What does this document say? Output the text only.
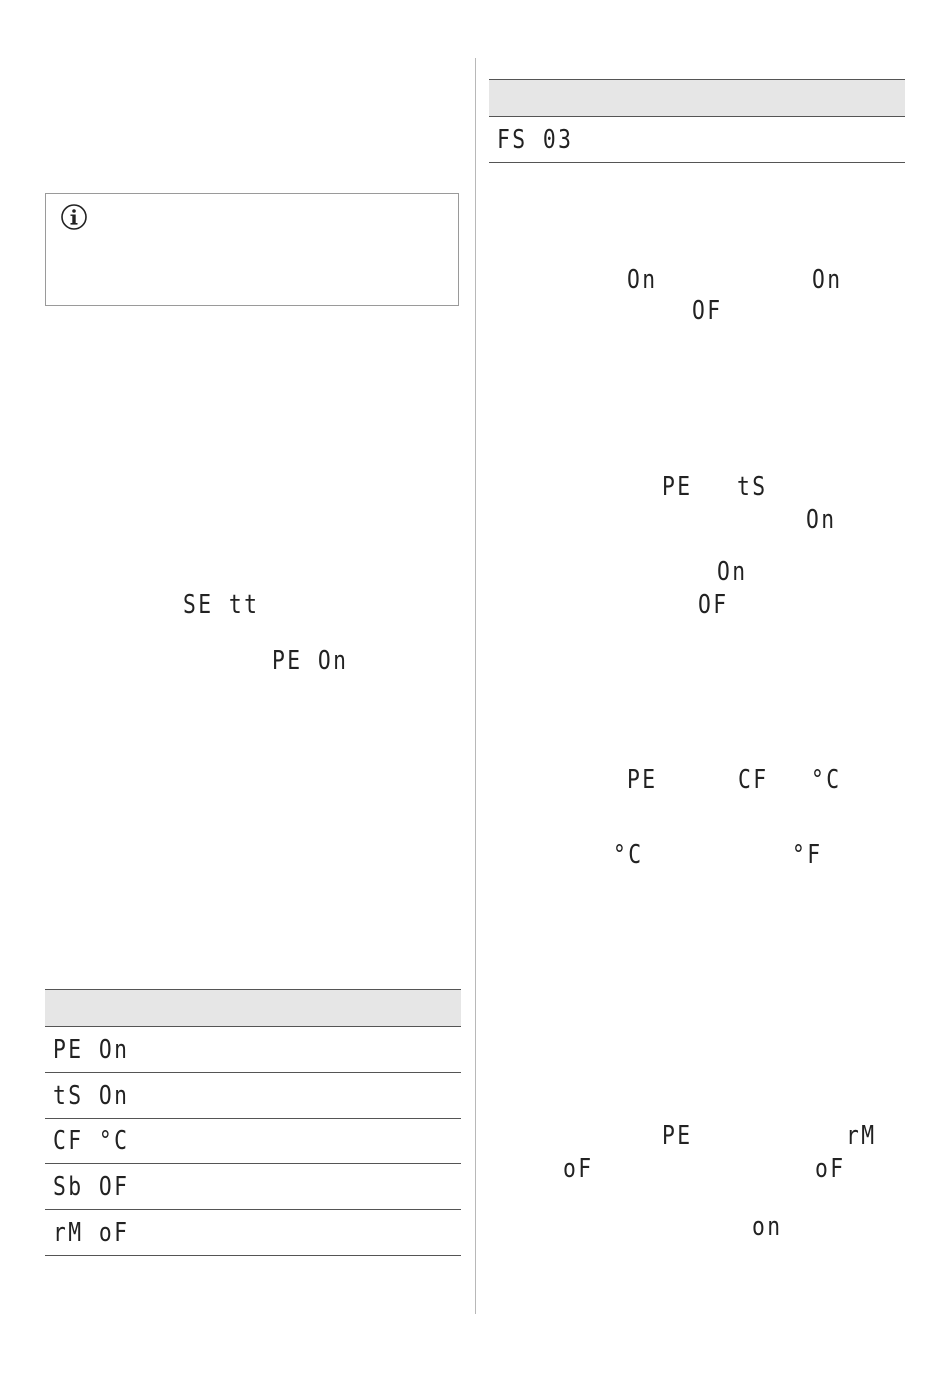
SE tt
PE On
PE On
tS On
CF °C
Sb OF
rM oF
FS 03
On	On
OF
PE tS
On
On
OF
PE	CF °C
°C	°F
PE	rM
oF	oF
on
